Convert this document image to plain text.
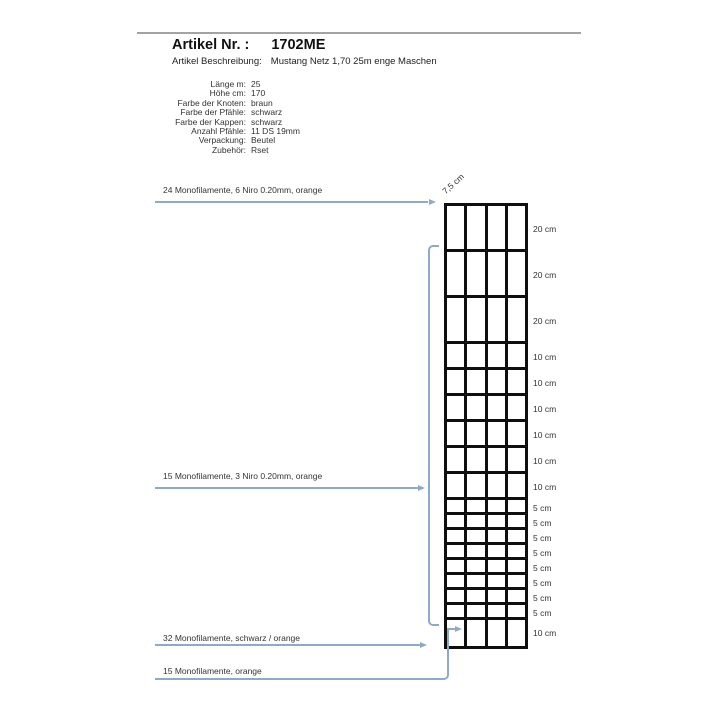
Artikel Nr. : 1702ME
Artikel Beschreibung: Mustang Netz 1,70 25m enge Maschen
Länge m: 25
Höhe cm: 170
Farbe der Knoten: braun
Farbe der Pfähle: schwarz
Farbe der Kappen: schwarz
Anzahl Pfähle: 11 DS 19mm
Verpackung: Beutel
Zubehör: Rset
7,5 cm
20 cm
20 cm
20 cm
10 cm
10 cm
10 cm
10 cm
10 cm
10 cm
5 cm
5 cm
5 cm
5 cm
5 cm
5 cm
5 cm
5 cm
10 cm
24 Monofilamente, 6 Niro 0.20mm, orange
15 Monofilamente, 3 Niro 0.20mm, orange
32 Monofilamente, schwarz / orange
15 Monofilamente, orange
